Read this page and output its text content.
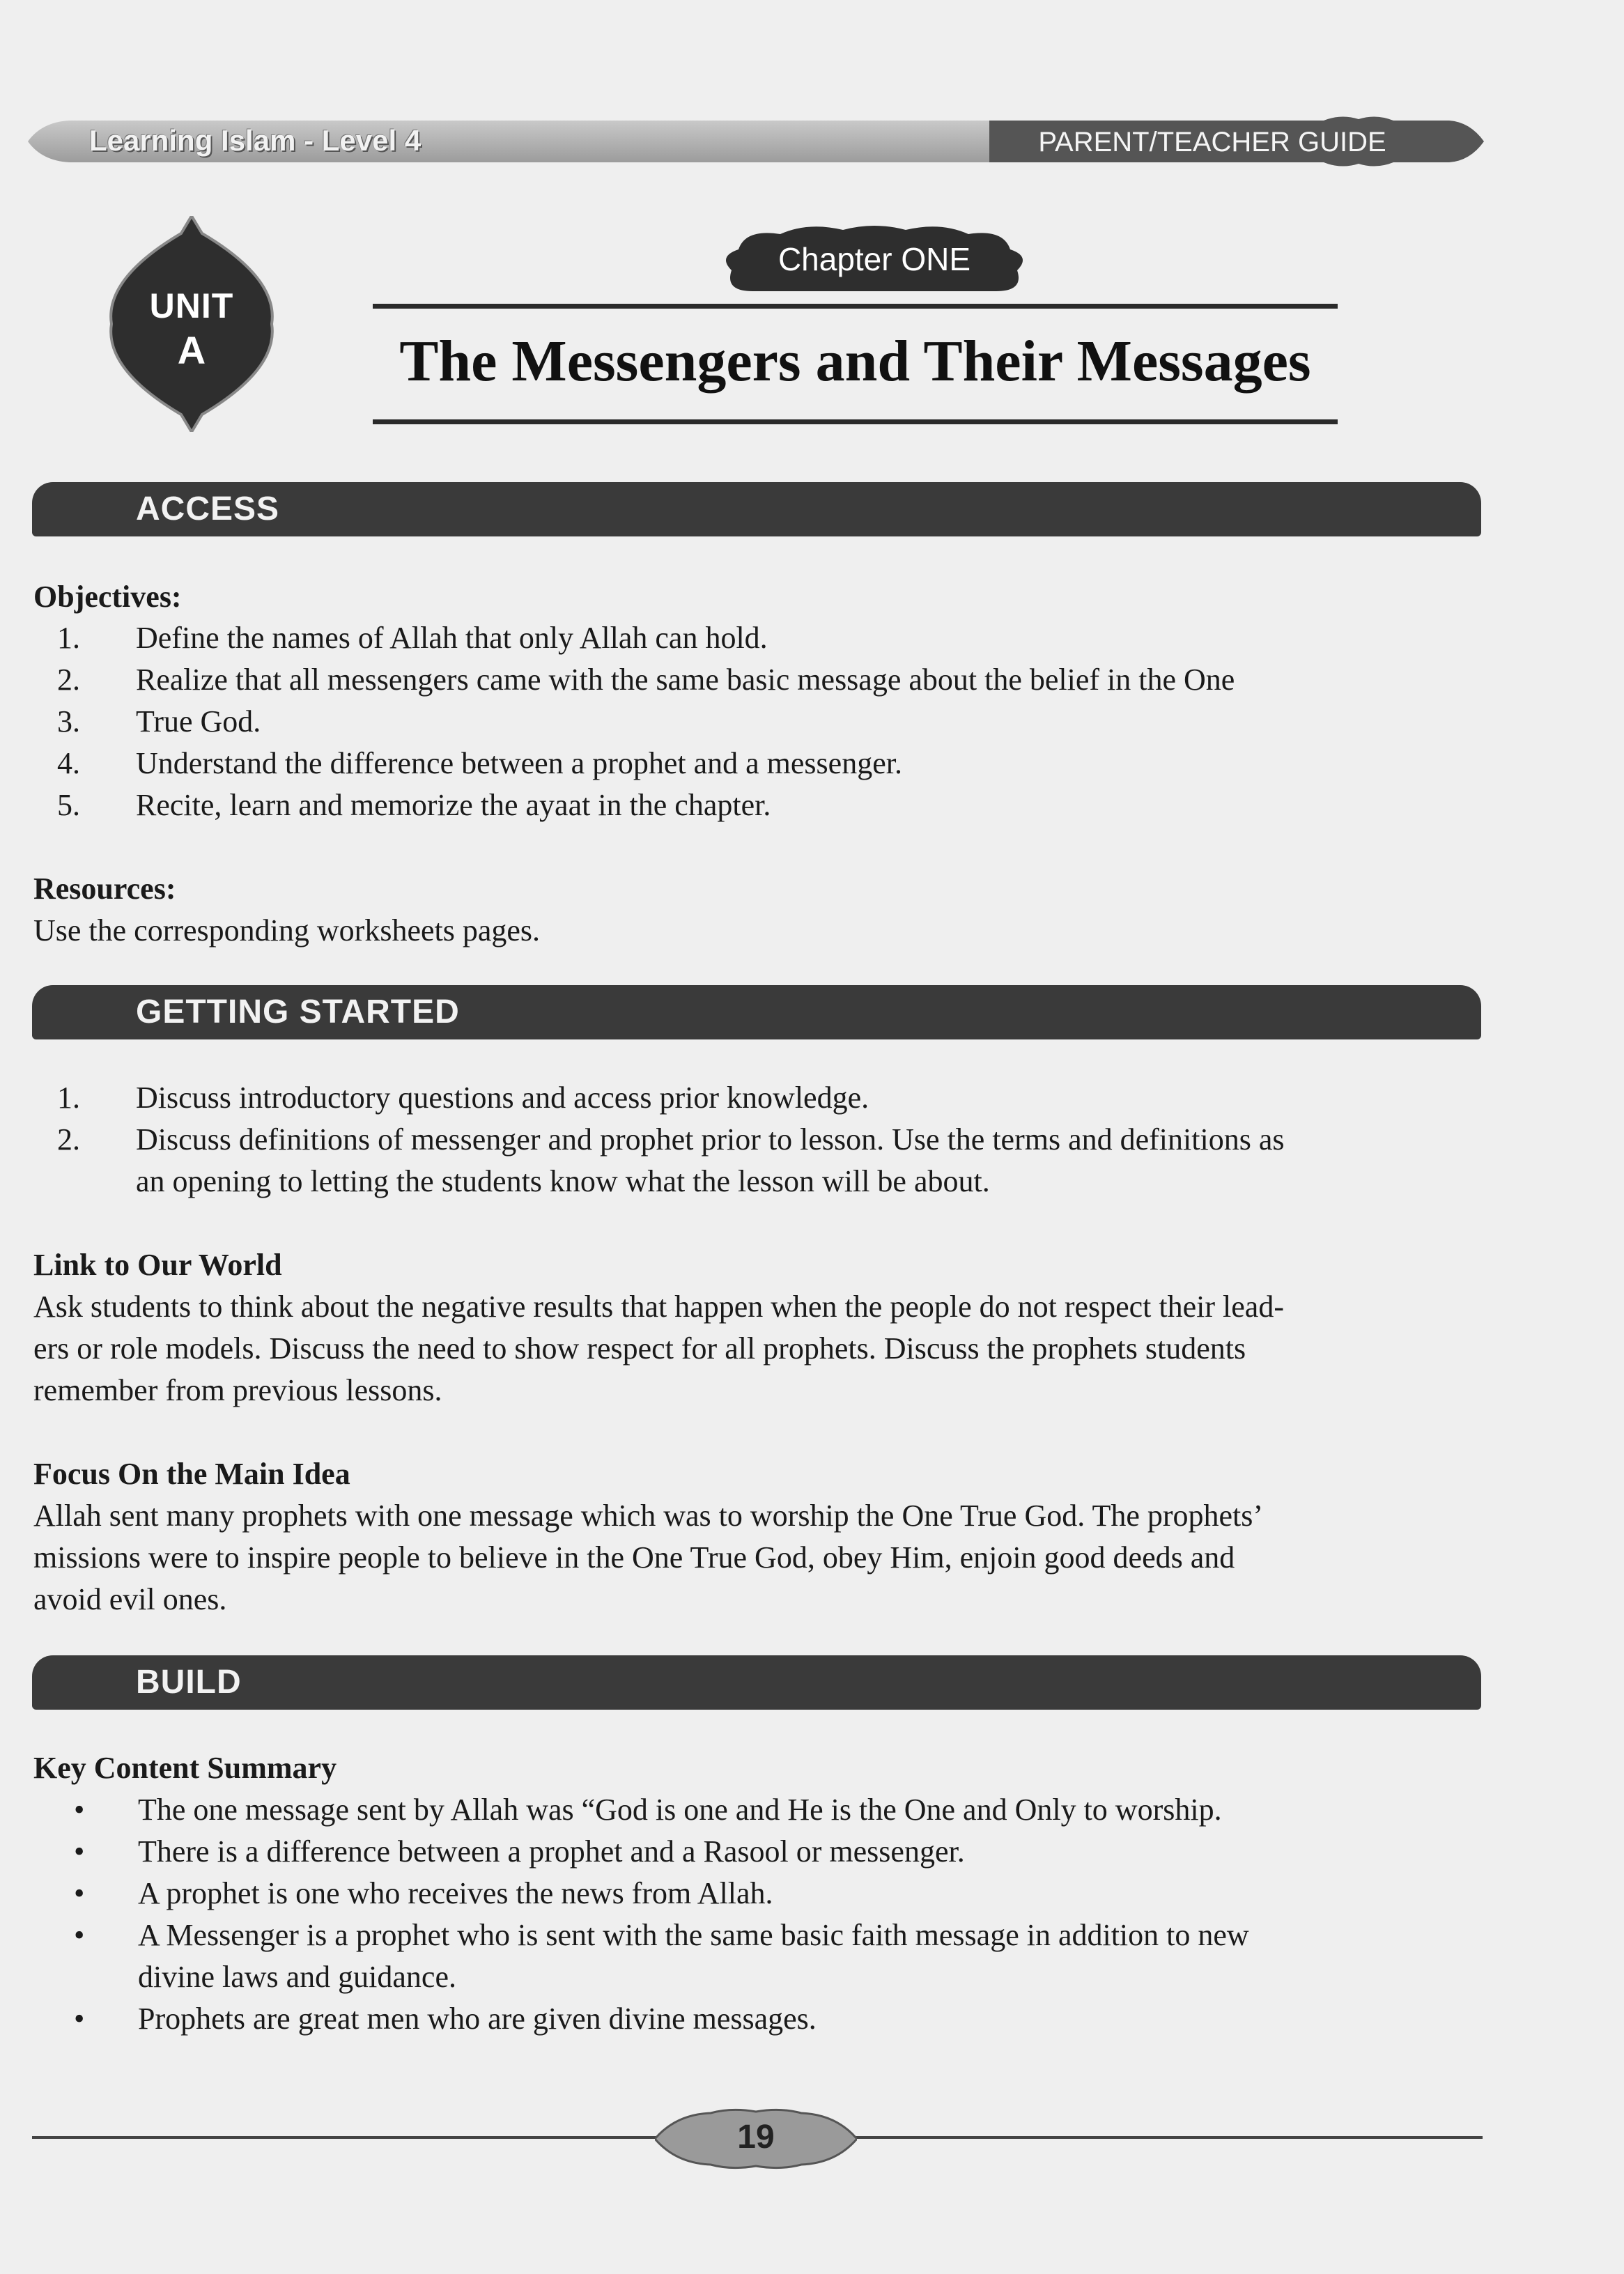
Learning Islam - Level 4	PARENT/TEACHER GUIDE
UNIT
A
Chapter ONE
The Messengers and Their Messages
ACCESS
Objectives:
1. Define the names of Allah that only Allah can hold.
2. Realize that all messengers came with the same basic message about the belief in the One
3. True God.
4. Understand the difference between a prophet and a messenger.
5. Recite, learn and memorize the ayaat in the chapter.
Resources:
Use the corresponding worksheets pages.
GETTING STARTED
1. Discuss introductory questions and access prior knowledge.
2. Discuss definitions of messenger and prophet prior to lesson. Use the terms and definitions as
an opening to letting the students know what the lesson will be about.
Link to Our World
Ask students to think about the negative results that happen when the people do not respect their lead-
ers or role models. Discuss the need to show respect for all prophets. Discuss the prophets students
remember from previous lessons.
Focus On the Main Idea
Allah sent many prophets with one message which was to worship the One True God. The prophets’
missions were to inspire people to believe in the One True God, obey Him, enjoin good deeds and
avoid evil ones.
BUILD
Key Content Summary
• The one message sent by Allah was “God is one and He is the One and Only to worship.
• There is a difference between a prophet and a Rasool or messenger.
• A prophet is one who receives the news from Allah.
• A Messenger is a prophet who is sent with the same basic faith message in addition to new
divine laws and guidance.
• Prophets are great men who are given divine messages.
19
